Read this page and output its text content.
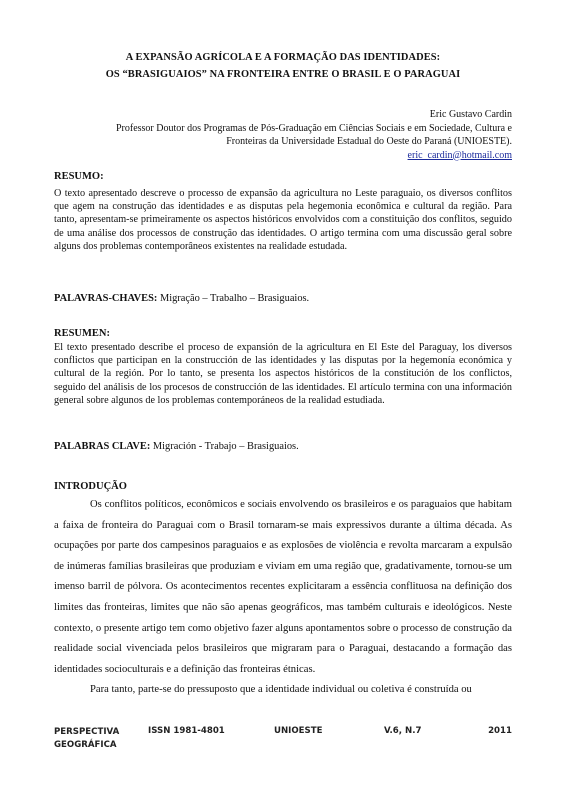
A EXPANSÃO AGRÍCOLA E A FORMAÇÃO DAS IDENTIDADES:
OS “BRASIGUAIOS” NA FRONTEIRA ENTRE O BRASIL E O PARAGUAI
Eric Gustavo Cardin
Professor Doutor dos Programas de Pós-Graduação em Ciências Sociais e em Sociedade, Cultura e
Fronteiras da Universidade Estadual do Oeste do Paraná (UNIOESTE).
eric_cardin@hotmail.com
RESUMO:
O texto apresentado descreve o processo de expansão da agricultura no Leste paraguaio, os diversos conflitos que agem na construção das identidades e as disputas pela hegemonia econômica e cultural da região. Para tanto, apresentam-se primeiramente os aspectos históricos envolvidos com a constituição dos conflitos, seguido de uma análise dos processos de construção das identidades. O artigo termina com uma discussão geral sobre alguns dos problemas contemporâneos existentes na realidade estudada.
PALAVRAS-CHAVES: Migração – Trabalho – Brasiguaios.
RESUMEN:
El texto presentado describe el proceso de expansión de la agricultura en El Este del Paraguay, los diversos conflictos que participan en la construcción de las identidades y las disputas por la hegemonía económica y cultural de la región. Por lo tanto, se presenta los aspectos históricos de la constitución de los conflictos, seguido del análisis de los procesos de construcción de las identidades. El artículo termina con una información general sobre algunos de los problemas contemporáneos de la realidad estudiada.
PALABRAS CLAVE: Migración - Trabajo – Brasiguaios.
INTRODUÇÃO

Os conflitos políticos, econômicos e sociais envolvendo os brasileiros e os paraguaios que habitam a faixa de fronteira do Paraguai com o Brasil tornaram-se mais expressivos durante a última década. As ocupações por parte dos campesinos paraguaios e as explosões de violência e revolta marcaram a expulsão de inúmeras famílias brasileiras que produziam e viviam em uma região que, gradativamente, tornou-se um imenso barril de pólvora. Os acontecimentos recentes explicitaram a essência conflituosa na definição dos limites das fronteiras, limites que não são apenas geográficos, mas também culturais e ideológicos. Neste contexto, o presente artigo tem como objetivo fazer alguns apontamentos sobre o processo de construção da realidade social vivenciada pelos brasileiros que migraram para o Paraguai, destacando a formação das identidades socioculturais e a definição das fronteiras étnicas.

Para tanto, parte-se do pressuposto que a identidade individual ou coletiva é construída ou

PERSPECTIVA
GEOGRÁFICA
ISSN 1981-4801	UNIOESTE	V.6, N.7	2011
